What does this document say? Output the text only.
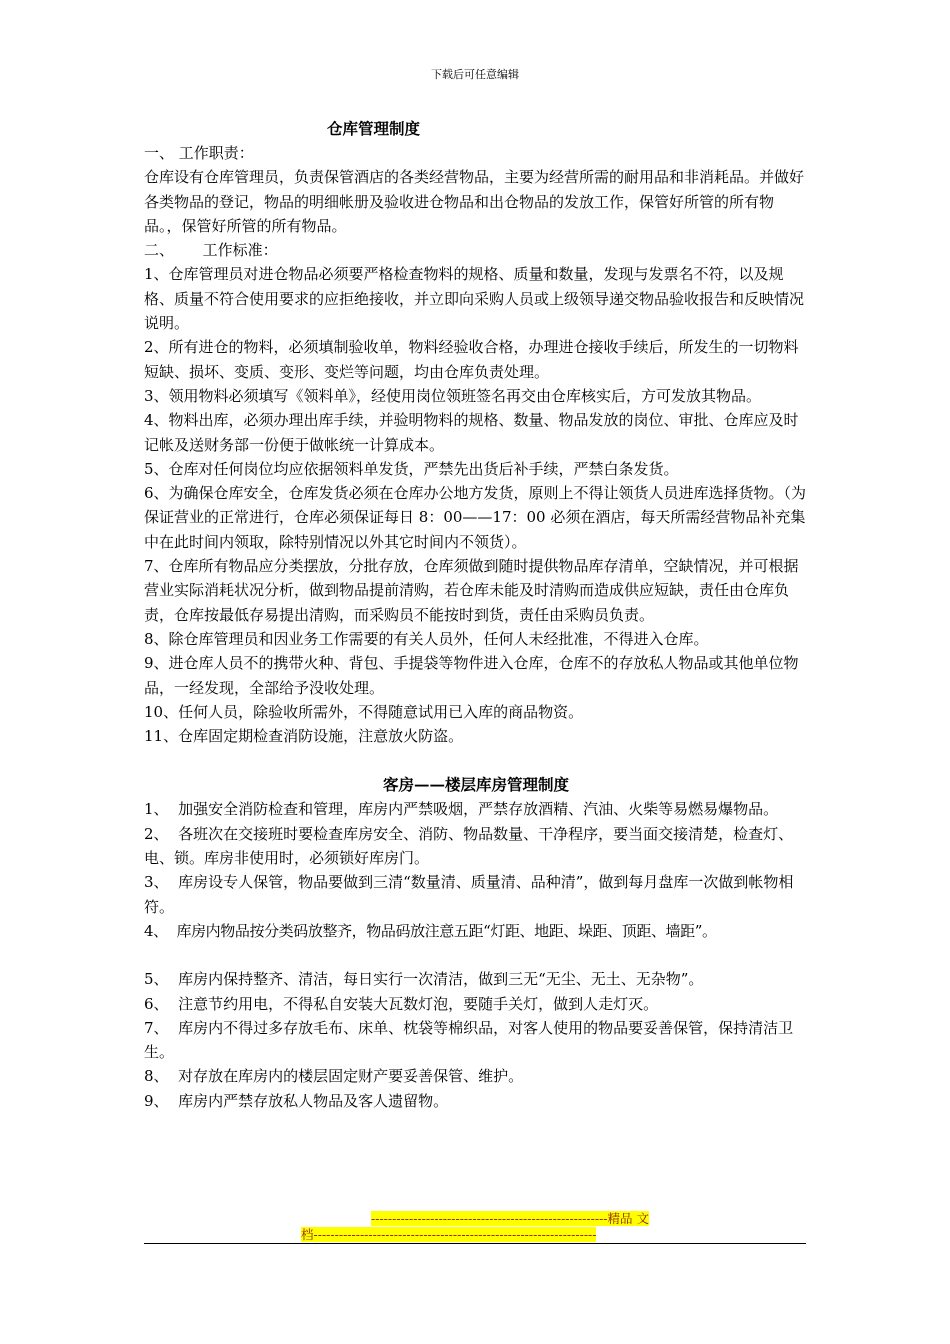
下载后可任意编辑
仓库管理制度

一、 工作职责：

仓库设有仓库管理员，负责保管酒店的各类经营物品，主要为经营所需的耐用品和非消耗品。并做好各类物品的登记，物品的明细帐册及验收进仓物品和出仓物品的发放工作，保管好所管的所有物品。，保管好所管的所有物品。

二、      工作标准：

1、仓库管理员对进仓物品必须要严格检查物料的规格、质量和数量，发现与发票名不符，以及规格、质量不符合使用要求的应拒绝接收，并立即向采购人员或上级领导递交物品验收报告和反映情况说明。

2、所有进仓的物料，必须填制验收单，物料经验收合格，办理进仓接收手续后，所发生的一切物料短缺、损坏、变质、变形、变烂等问题，均由仓库负责处理。

3、领用物料必须填写《领料单》，经使用岗位领班签名再交由仓库核实后，方可发放其物品。

4、物料出库，必须办理出库手续，并验明物料的规格、数量、物品发放的岗位、审批、仓库应及时记帐及送财务部一份便于做帐统一计算成本。

5、仓库对任何岗位均应依据领料单发货，严禁先出货后补手续，严禁白条发货。

6、为确保仓库安全，仓库发货必须在仓库办公地方发货，原则上不得让领货人员进库选择货物。（为保证营业的正常进行，仓库必须保证每日 8：00——17：00 必须在酒店，每天所需经营物品补充集中在此时间内领取，除特别情况以外其它时间内不领货）。

7、仓库所有物品应分类摆放，分批存放，仓库须做到随时提供物品库存清单，空缺情况，并可根据营业实际消耗状况分析，做到物品提前清购，若仓库未能及时清购而造成供应短缺，责任由仓库负责，仓库按最低存易提出清购，而采购员不能按时到货，责任由采购员负责。

8、除仓库管理员和因业务工作需要的有关人员外，任何人未经批准，不得进入仓库。

9、进仓库人员不的携带火种、背包、手提袋等物件进入仓库，仓库不的存放私人物品或其他单位物品，一经发现，全部给予没收处理。

10、任何人员，除验收所需外，不得随意试用已入库的商品物资。

11、仓库固定期检查消防设施，注意放火防盗。

客房——楼层库房管理制度

1、  加强安全消防检查和管理，库房内严禁吸烟，严禁存放酒精、汽油、火柴等易燃易爆物品。

2、  各班次在交接班时要检查库房安全、消防、物品数量、干净程序，要当面交接清楚，检查灯、电、锁。库房非使用时，必须锁好库房门。

3、  库房设专人保管，物品要做到三清“数量清、质量清、品种清”，做到每月盘库一次做到帐物相符。

4、  库房内物品按分类码放整齐，物品码放注意五距“灯距、地距、垛距、顶距、墙距”。

5、  库房内保持整齐、清洁，每日实行一次清洁，做到三无“无尘、无土、无杂物”。

6、  注意节约用电，不得私自安装大瓦数灯泡，要随手关灯，做到人走灯灭。

7、  库房内不得过多存放毛布、床单、枕袋等棉织品，对客人使用的物品要妥善保管，保持清洁卫生。

8、  对存放在库房内的楼层固定财产要妥善保管、维护。

9、  库房内严禁存放私人物品及客人遗留物。

--------------------------------------------------------精品 文
档-------------------------------------------------------------------
